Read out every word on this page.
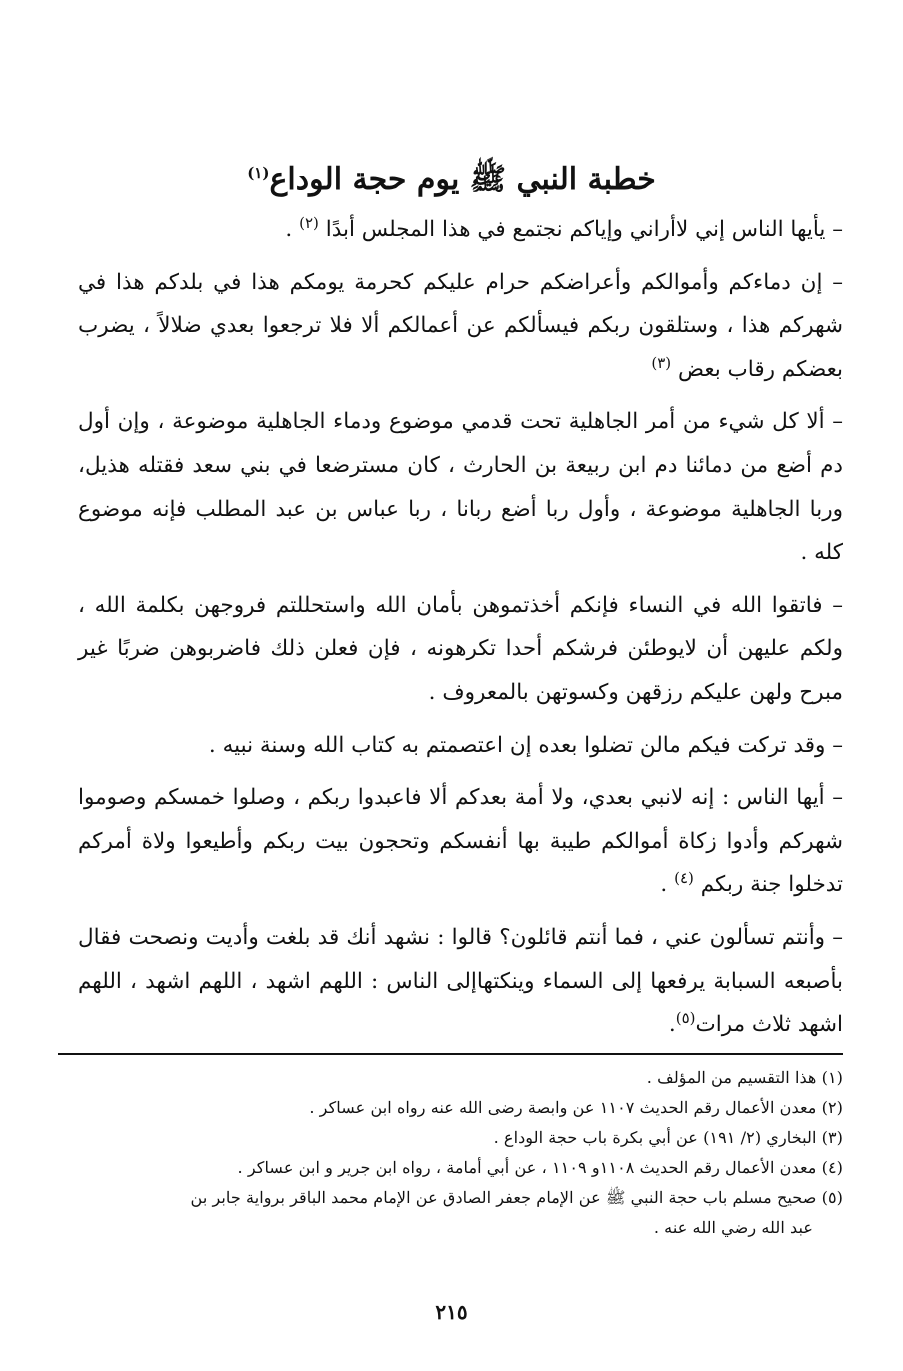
خطبة النبي ﷺ يوم حجة الوداع$^{(١)}$

– يأيها الناس إني لاأراني وإياكم نجتمع في هذا المجلس أبدًا $^{(٢)}$ .

– إن دماءكم وأموالكم وأعراضكم حرام عليكم كحرمة يومكم هذا في بلدكم هذا في شهركم هذا ، وستلقون ربكم فيسألكم عن أعمالكم ألا فلا ترجعوا بعدي ضلالاً ، يضرب بعضكم رقاب بعض $^{(٣)}$

– ألا كل شيء من أمر الجاهلية تحت قدمي موضوع ودماء الجاهلية موضوعة ، وإن أول دم أضع من دمائنا دم ابن ربيعة بن الحارث ، كان مسترضعا في بني سعد فقتله هذيل، وربا الجاهلية موضوعة ، وأول ربا أضع ربانا ، ربا عباس بن عبد المطلب فإنه موضوع كله .

– فاتقوا الله في النساء فإنكم أخذتموهن بأمان الله واستحللتم فروجهن بكلمة الله ، ولكم عليهن أن لايوطئن فرشكم أحدا تكرهونه ، فإن فعلن ذلك فاضربوهن ضربًا غير مبرح ولهن عليكم رزقهن وكسوتهن بالمعروف .

– وقد تركت فيكم مالن تضلوا بعده إن اعتصمتم به كتاب الله وسنة نبيه .

– أيها الناس : إنه لانبي بعدي، ولا أمة بعدكم ألا فاعبدوا ربكم ، وصلوا خمسكم وصوموا شهركم وأدوا زكاة أموالكم طيبة بها أنفسكم وتحجون بيت ربكم وأطيعوا ولاة أمركم تدخلوا جنة ربكم $^{(٤)}$ .

– وأنتم تسألون عني ، فما أنتم قائلون؟ قالوا : نشهد أنك قد بلغت وأديت ونصحت فقال بأصبعه السبابة يرفعها إلى السماء وينكتهاإلى الناس : اللهم اشهد ، اللهم اشهد ، اللهم اشهد ثلاث مرات$^{(٥)}$.

(١) هذا التقسيم من المؤلف .

(٢) معدن الأعمال رقم الحديث ١١٠٧ عن وابصة رضى الله عنه رواه ابن عساكر .

(٣) البخاري (٢/ ١٩١) عن أبي بكرة باب حجة الوداع .

(٤) معدن الأعمال رقم الحديث ١١٠٨و ١١٠٩ ، عن أبي أمامة ، رواه ابن جرير و ابن عساكر .

(٥) صحيح مسلم باب حجة النبي ﷺ عن الإمام جعفر الصادق عن الإمام محمد الباقر برواية جابر بن

عبد الله رضي الله عنه .

٢١٥
